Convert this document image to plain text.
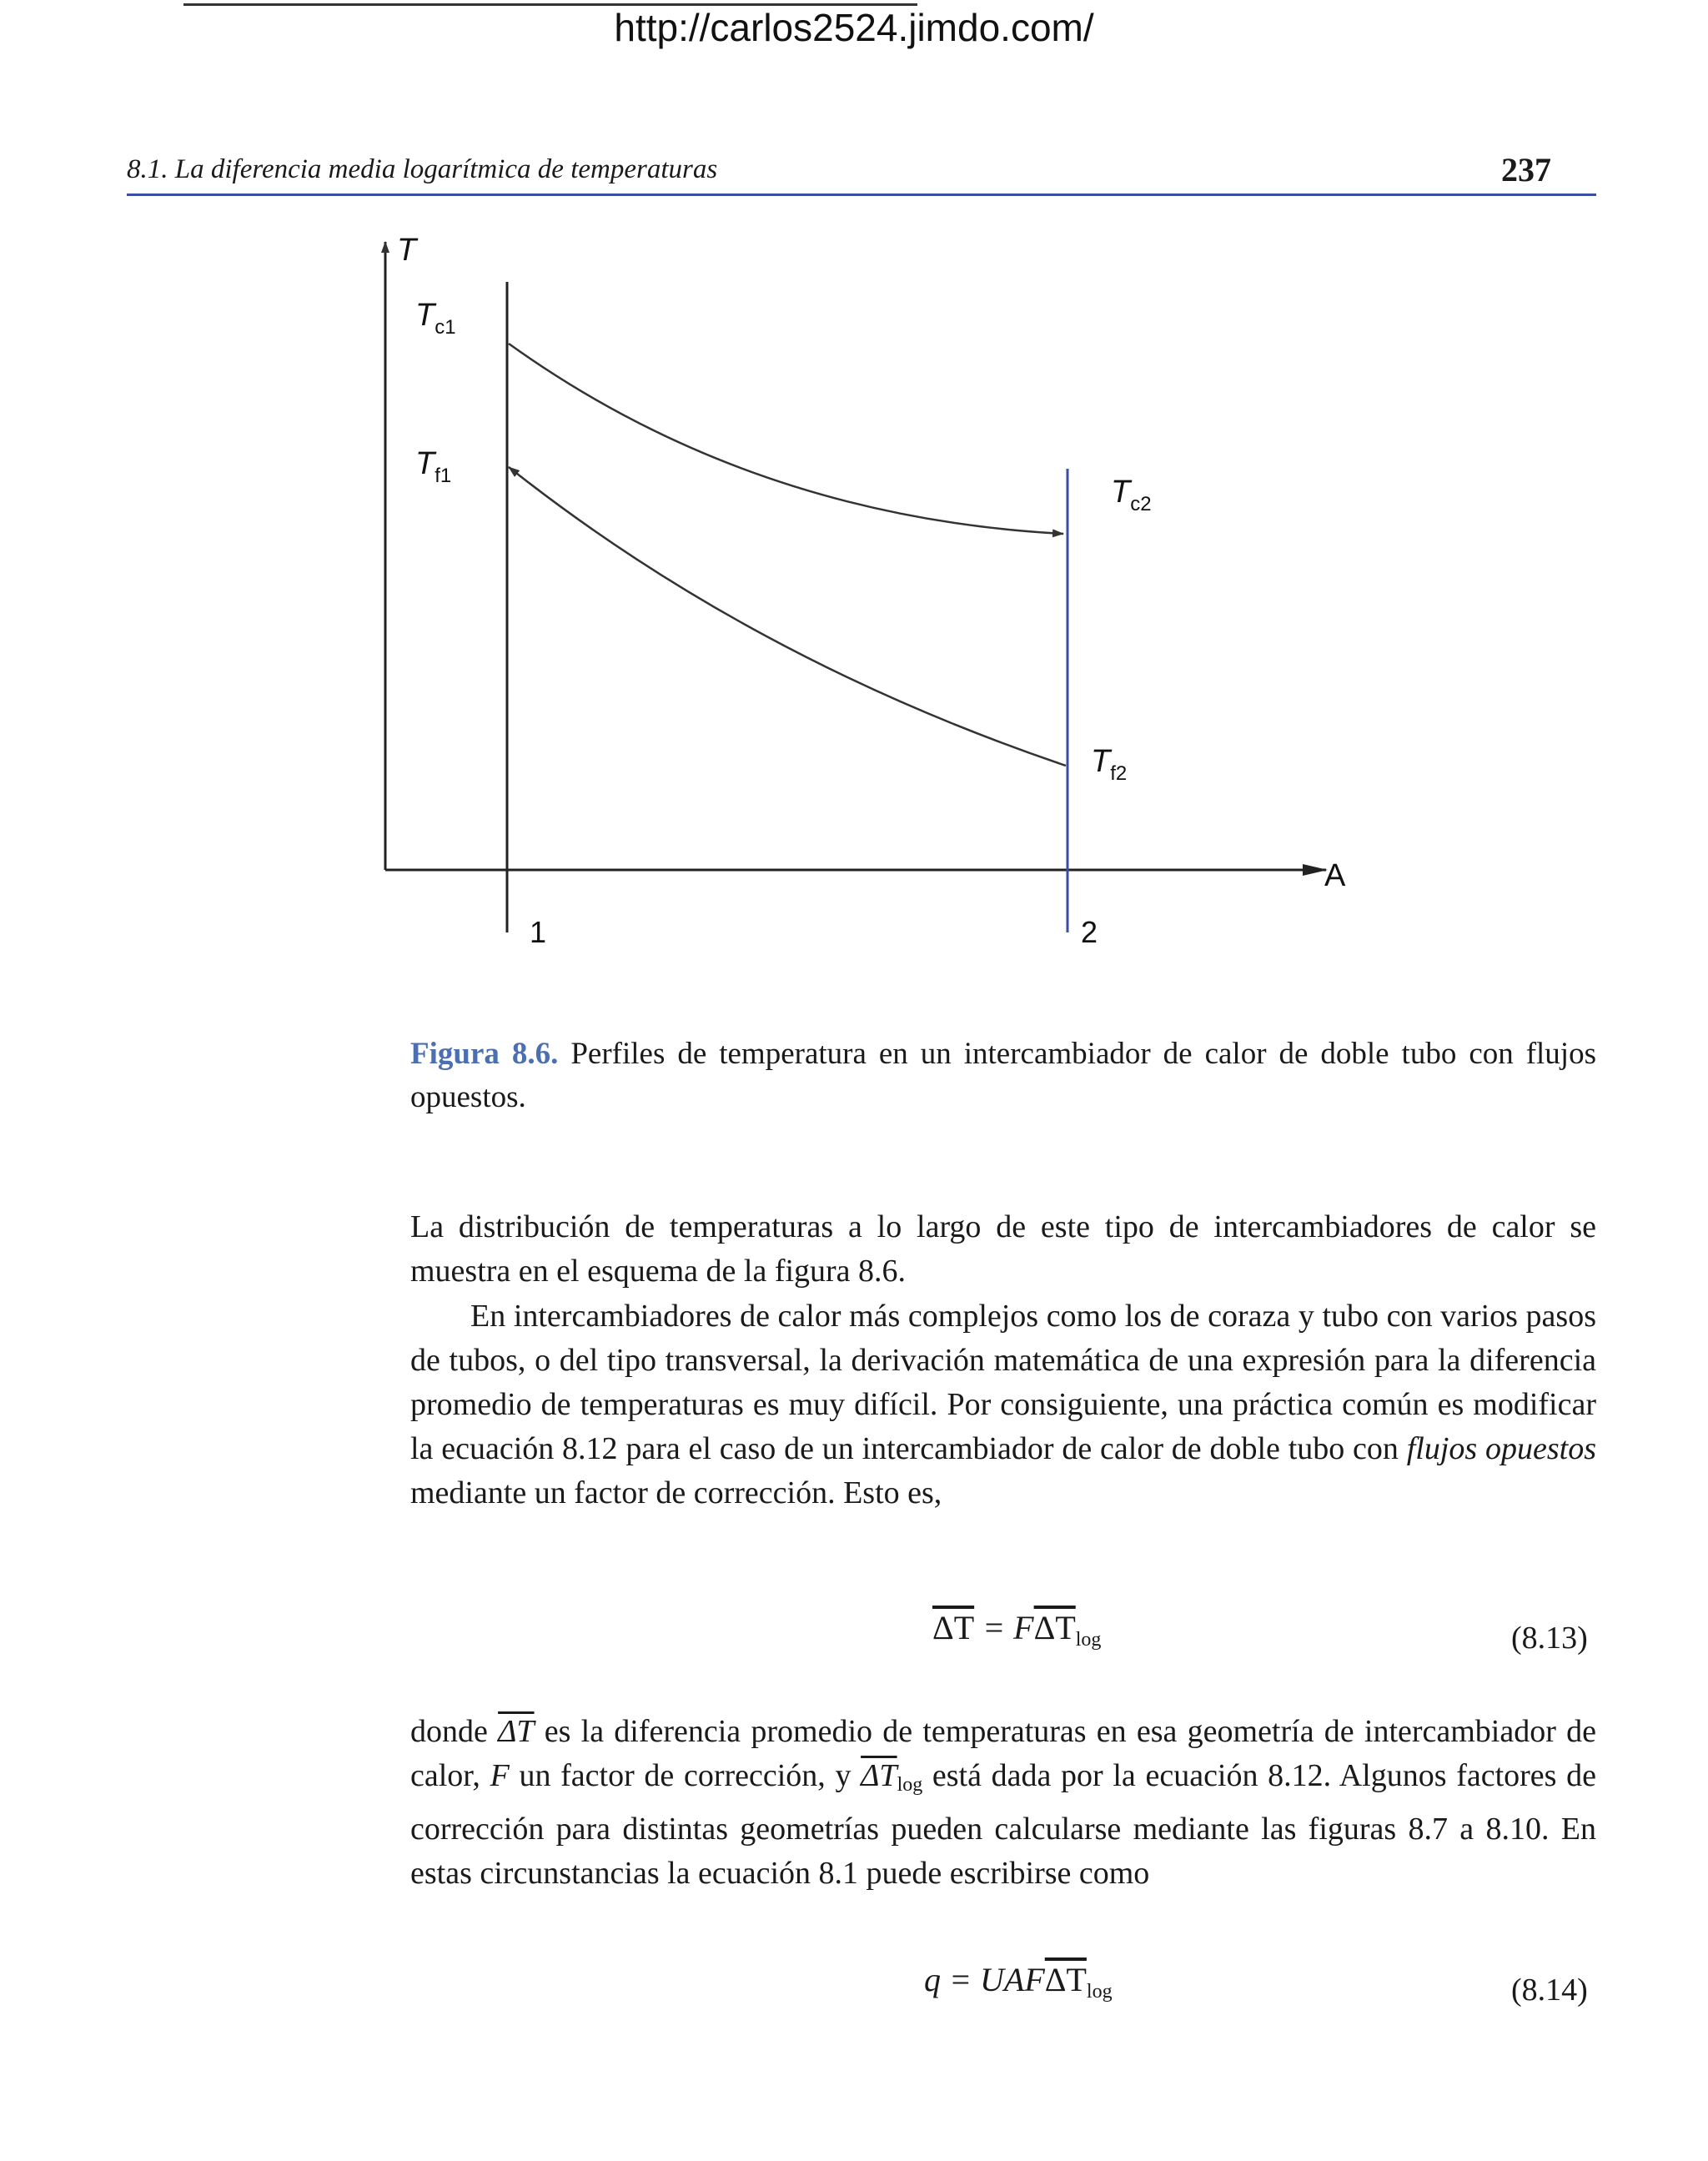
http://carlos2524.jimdo.com/
8.1. La diferencia media logarítmica de temperaturas	237
T
A
1	2
$T_{c1}$
$T_{f1}$	$T_{c2}$
$T_{f2}$
Figura 8.6. Perfiles de temperatura en un intercambiador de calor de doble tubo con flujos opuestos.
La distribución de temperaturas a lo largo de este tipo de intercambiadores de calor se muestra en el esquema de la figura 8.6.
En intercambiadores de calor más complejos como los de coraza y tubo con varios pasos de tubos, o del tipo transversal, la derivación matemática de una expresión para la diferencia promedio de temperaturas es muy difícil. Por consiguiente, una práctica común es modificar la ecuación 8.12 para el caso de un intercambiador de calor de doble tubo con flujos opuestos mediante un factor de corrección. Esto es,
$\overline{\Delta T} = F\overline{\Delta T}_{log}$	(8.13)
donde $\overline{\Delta T}$ es la diferencia promedio de temperaturas en esa geometría de intercambiador de calor, F un factor de corrección, y $\overline{\Delta T}\log$ está dada por la ecuación 8.12. Algunos factores de corrección para distintas geometrías pueden calcularse mediante las figuras 8.7 a 8.10. En estas circunstancias la ecuación 8.1 puede escribirse como
$q = UAF\overline{\Delta T}_{log}$	(8.14)
